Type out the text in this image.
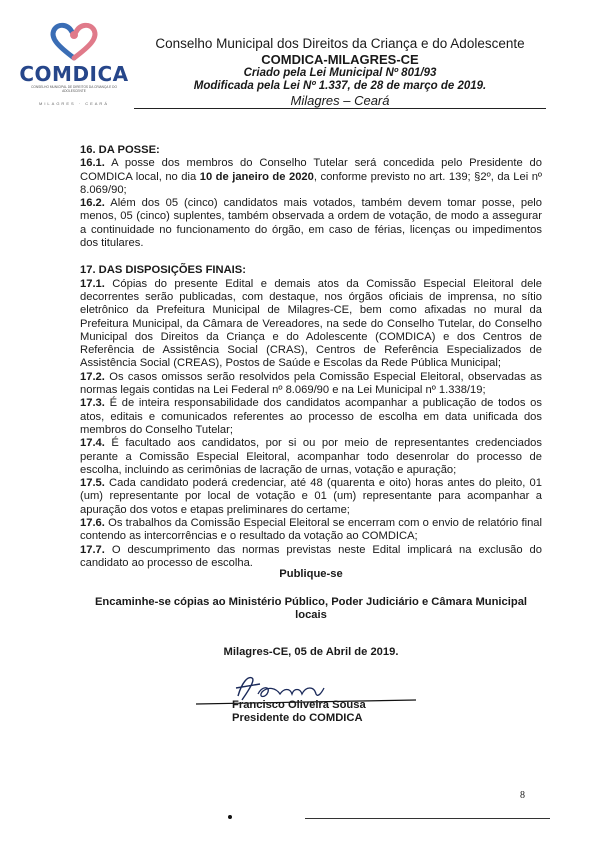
COMDICA
CONSELHO MUNICIPAL DE DIREITOS DA CRIANÇA E DO ADOLESCENTE
MILAGRES · CEARÁ
Conselho Municipal dos Direitos da Criança e do Adolescente
COMDICA-MILAGRES-CE
Criado pela Lei Municipal Nº 801/93
Modificada pela Lei Nº 1.337, de 28 de março de 2019.
Milagres – Ceará
16. DA POSSE:

16.1. A posse dos membros do Conselho Tutelar será concedida pelo Presidente do COMDICA local, no dia 10 de janeiro de 2020, conforme previsto no art. 139; §2º, da Lei nº 8.069/90;

16.2. Além dos 05 (cinco) candidatos mais votados, também devem tomar posse, pelo menos, 05 (cinco) suplentes, também observada a ordem de votação, de modo a assegurar a continuidade no funcionamento do órgão, em caso de férias, licenças ou impedimentos dos titulares.

17. DAS DISPOSIÇÕES FINAIS:

17.1. Cópias do presente Edital e demais atos da Comissão Especial Eleitoral dele decorrentes serão publicadas, com destaque, nos órgãos oficiais de imprensa, no sítio eletrônico da Prefeitura Municipal de Milagres-CE, bem como afixadas no mural da Prefeitura Municipal, da Câmara de Vereadores, na sede do Conselho Tutelar, do Conselho Municipal dos Direitos da Criança e do Adolescente (COMDICA) e dos Centros de Referência de Assistência Social (CRAS), Centros de Referência Especializados de Assistência Social (CREAS), Postos de Saúde e Escolas da Rede Pública Municipal;

17.2. Os casos omissos serão resolvidos pela Comissão Especial Eleitoral, observadas as normas legais contidas na Lei Federal nº 8.069/90 e na Lei Municipal nº 1.338/19;

17.3. É de inteira responsabilidade dos candidatos acompanhar a publicação de todos os atos, editais e comunicados referentes ao processo de escolha em data unificada dos membros do Conselho Tutelar;

17.4. É facultado aos candidatos, por si ou por meio de representantes credenciados perante a Comissão Especial Eleitoral, acompanhar todo desenrolar do processo de escolha, incluindo as cerimônias de lacração de urnas, votação e apuração;

17.5. Cada candidato poderá credenciar, até 48 (quarenta e oito) horas antes do pleito, 01 (um) representante por local de votação e 01 (um) representante para acompanhar a apuração dos votos e etapas preliminares do certame;

17.6. Os trabalhos da Comissão Especial Eleitoral se encerram com o envio de relatório final contendo as intercorrências e o resultado da votação ao COMDICA;

17.7. O descumprimento das normas previstas neste Edital implicará na exclusão do candidato ao processo de escolha.

Publique-se
Encaminhe-se cópias ao Ministério Público, Poder Judiciário e Câmara Municipal locais
Milagres-CE, 05 de Abril de 2019.
Francisco Oliveira Sousa
Presidente do COMDICA
8
